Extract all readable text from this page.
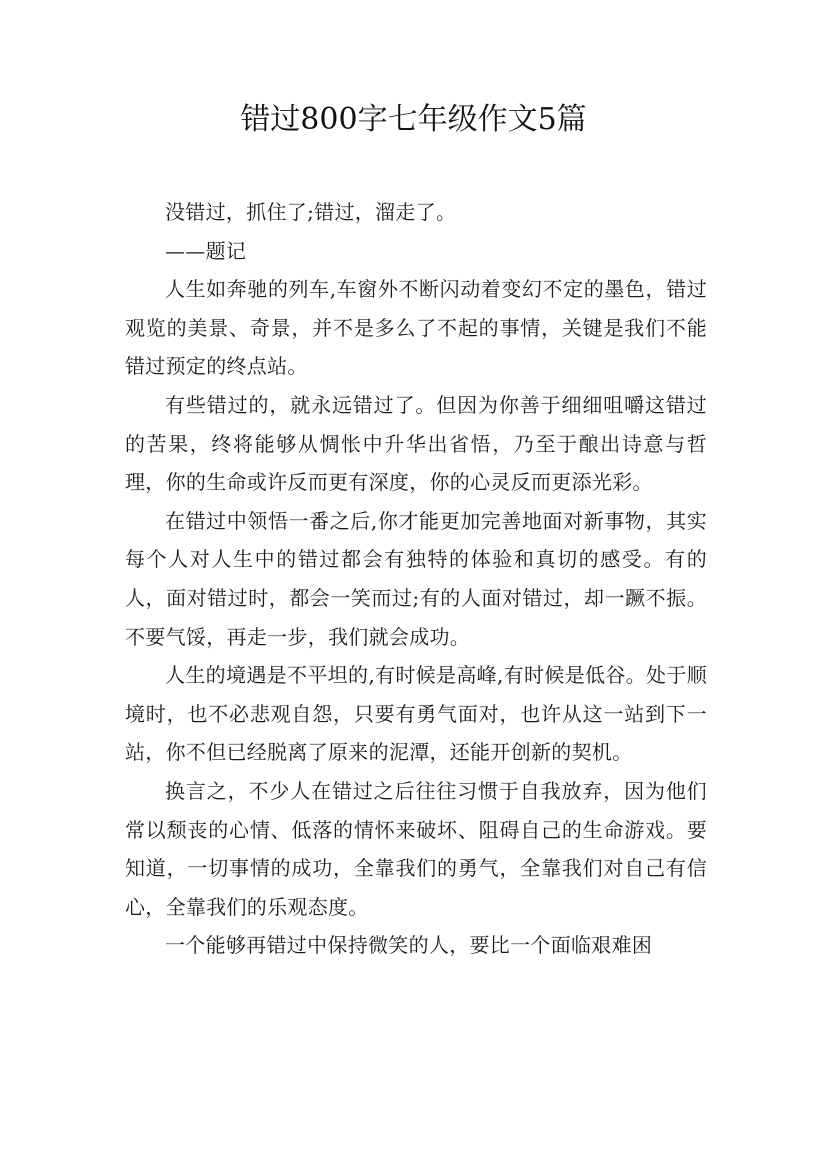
错过800字七年级作文5篇

没错过，抓住了;错过，溜走了。

——题记

人生如奔驰的列车,车窗外不断闪动着变幻不定的墨色，错过观览的美景、奇景，并不是多么了不起的事情，关键是我们不能错过预定的终点站。

有些错过的，就永远错过了。但因为你善于细细咀嚼这错过的苦果，终将能够从惆怅中升华出省悟，乃至于酿出诗意与哲理，你的生命或许反而更有深度，你的心灵反而更添光彩。

在错过中领悟一番之后,你才能更加完善地面对新事物，其实每个人对人生中的错过都会有独特的体验和真切的感受。有的人，面对错过时，都会一笑而过;有的人面对错过，却一蹶不振。不要气馁，再走一步，我们就会成功。

人生的境遇是不平坦的,有时候是高峰,有时候是低谷。处于顺境时，也不必悲观自怨，只要有勇气面对，也许从这一站到下一站，你不但已经脱离了原来的泥潭，还能开创新的契机。

换言之，不少人在错过之后往往习惯于自我放弃，因为他们常以颓丧的心情、低落的情怀来破坏、阻碍自己的生命游戏。要知道，一切事情的成功，全靠我们的勇气，全靠我们对自己有信心，全靠我们的乐观态度。

一个能够再错过中保持微笑的人，要比一个面临艰难困
